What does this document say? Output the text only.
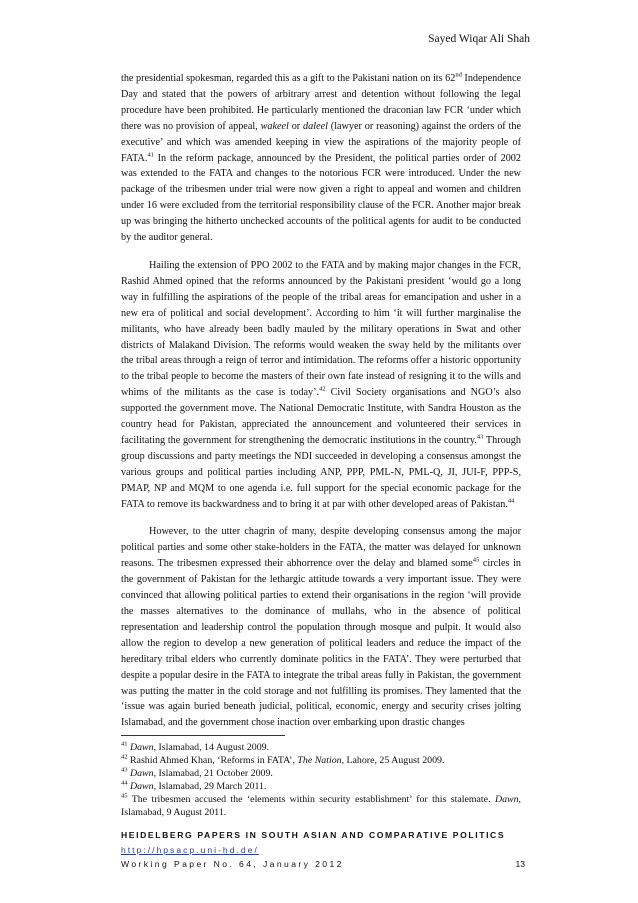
Sayed Wiqar Ali Shah

the presidential spokesman, regarded this as a gift to the Pakistani nation on its 62nd Independence Day and stated that the powers of arbitrary arrest and detention without following the legal procedure have been prohibited. He particularly mentioned the draconian law FCR ‘under which there was no provision of appeal, wakeel or daleel (lawyer or reasoning) against the orders of the executive’ and which was amended keeping in view the aspirations of the majority people of FATA.$^{41}$ In the reform package, announced by the President, the political parties order of 2002 was extended to the FATA and changes to the notorious FCR were introduced. Under the new package of the tribesmen under trial were now given a right to appeal and women and children under 16 were excluded from the territorial responsibility clause of the FCR. Another major break up was bringing the hitherto unchecked accounts of the political agents for audit to be conducted by the auditor general.

Hailing the extension of PPO 2002 to the FATA and by making major changes in the FCR, Rashid Ahmed opined that the reforms announced by the Pakistani president ‘would go a long way in fulfilling the aspirations of the people of the tribal areas for emancipation and usher in a new era of political and social development’. According to him ‘it will further marginalise the militants, who have already been badly mauled by the military operations in Swat and other districts of Malakand Division. The reforms would weaken the sway held by the militants over the tribal areas through a reign of terror and intimidation. The reforms offer a historic opportunity to the tribal people to become the masters of their own fate instead of resigning it to the wills and whims of the militants as the case is today’.$^{42}$ Civil Society organisations and NGO’s also supported the government move. The National Democratic Institute, with Sandra Houston as the country head for Pakistan, appreciated the announcement and volunteered their services in facilitating the government for strengthening the democratic institutions in the country.$^{43}$ Through group discussions and party meetings the NDI succeeded in developing a consensus amongst the various groups and political parties including ANP, PPP, PML-N, PML-Q, JI, JUI-F, PPP-S, PMAP, NP and MQM to one agenda i.e. full support for the special economic package for the FATA to remove its backwardness and to bring it at par with other developed areas of Pakistan.$^{44}$

However, to the utter chagrin of many, despite developing consensus among the major political parties and some other stake-holders in the FATA, the matter was delayed for unknown reasons. The tribesmen expressed their abhorrence over the delay and blamed some$^{45}$ circles in the government of Pakistan for the lethargic attitude towards a very important issue. They were convinced that allowing political parties to extend their organisations in the region ‘will provide the masses alternatives to the dominance of mullahs, who in the absence of political representation and leadership control the population through mosque and pulpit. It would also allow the region to develop a new generation of political leaders and reduce the impact of the hereditary tribal elders who currently dominate politics in the FATA’. They were perturbed that despite a popular desire in the FATA to integrate the tribal areas fully in Pakistan, the government was putting the matter in the cold storage and not fulfilling its promises. They lamented that the ‘issue was again buried beneath judicial, political, economic, energy and security crises jolting Islamabad, and the government chose inaction over embarking upon drastic changes

$^{41}$ Dawn, Islamabad, 14 August 2009.
$^{42}$ Rashid Ahmed Khan, ‘Reforms in FATA’, The Nation, Lahore, 25 August 2009.
$^{43}$ Dawn, Islamabad, 21 October 2009.
$^{44}$ Dawn, Islamabad, 29 March 2011.
$^{45}$ The tribesmen accused the ‘elements within security establishment’ for this stalemate. Dawn, Islamabad, 9 August 2011.
HEIDELBERG PAPERS IN SOUTH ASIAN AND COMPARATIVE POLITICS
http://hpsacp.uni-hd.de/
Working Paper No. 64, January 2012	13
